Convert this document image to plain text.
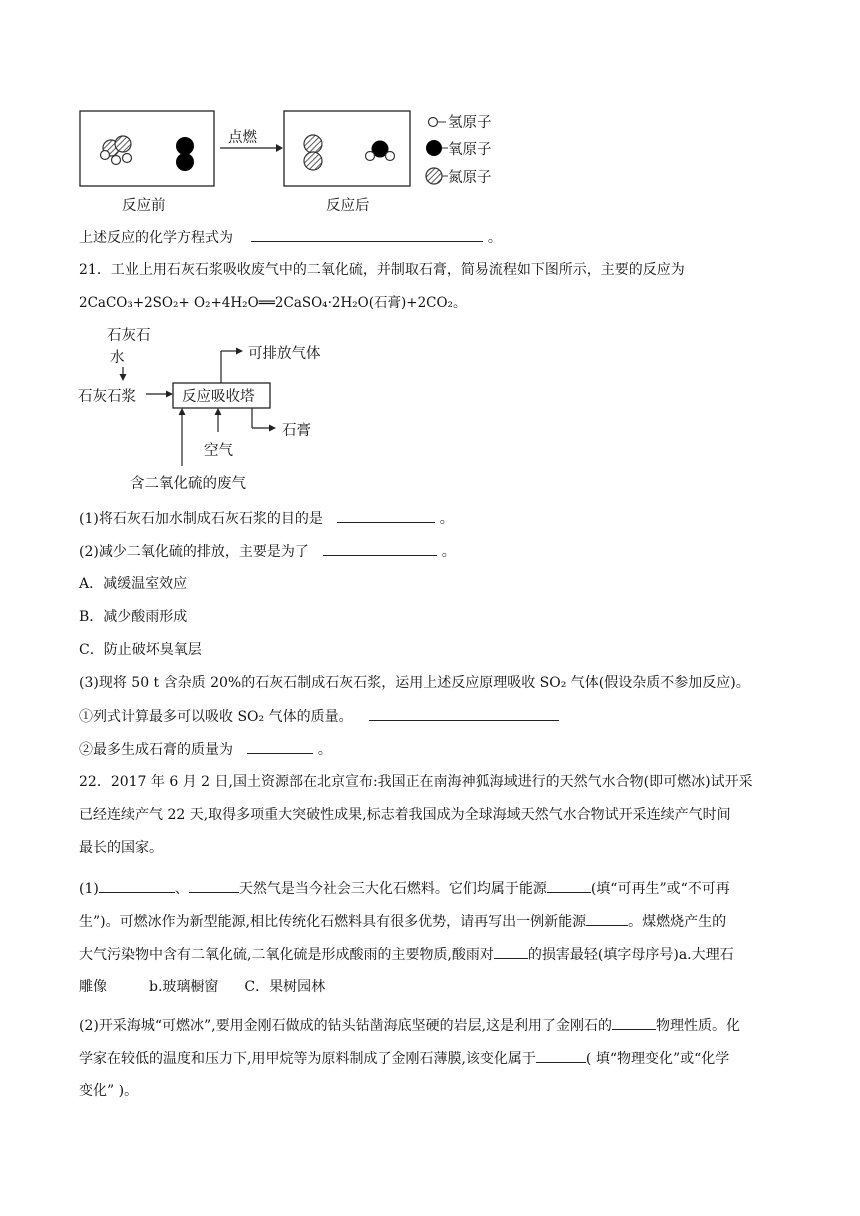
点燃
反应前	反应后
氢原子
氧原子
氮原子
上述反应的化学方程式为	。
21．工业上用石灰石浆吸收废气中的二氧化硫，并制取石膏，简易流程如下图所示，主要的反应为
2CaCO₃+2SO₂+ O₂+4H₂O══2CaSO₄·2H₂O(石膏)+2CO₂。
石灰石
水
石灰石浆	反应吸收塔
可排放气体
石膏
空气
含二氧化硫的废气
(1)将石灰石加水制成石灰石浆的目的是	。
(2)减少二氧化硫的排放，主要是为了	。
A．减缓温室效应
B．减少酸雨形成
C．防止破坏臭氧层
(3)现将 50 t 含杂质 20%的石灰石制成石灰石浆，运用上述反应原理吸收 SO₂ 气体(假设杂质不参加反应)。
①列式计算最多可以吸收 SO₂ 气体的质量。
②最多生成石膏的质量为	。
22．2017 年 6 月 2 日,国土资源部在北京宣布:我国正在南海神狐海域进行的天然气水合物(即可燃冰)试开采
已经连续产气 22 天,取得多项重大突破性成果,标志着我国成为全球海域天然气水合物试开采连续产气时间
最长的国家。
(1)	、	天然气是当今社会三大化石燃料。它们均属于能源	(填“可再生”或“不可再
生”)。可燃冰作为新型能源,相比传统化石燃料具有很多优势，请再写出一例新能源	。煤燃烧产生的
大气污染物中含有二氧化硫,二氧化硫是形成酸雨的主要物质,酸雨对 的损害最轻(填字母序号)a.大理石
雕像	b.玻璃橱窗 C．果树园林
(2)开采海城“可燃冰”,要用金刚石做成的钻头钻凿海底坚硬的岩层,这是利用了金刚石的	物理性质。化
学家在较低的温度和压力下,用甲烷等为原料制成了金刚石薄膜,该变化属于	( 填“物理变化”或“化学
变化” )。
